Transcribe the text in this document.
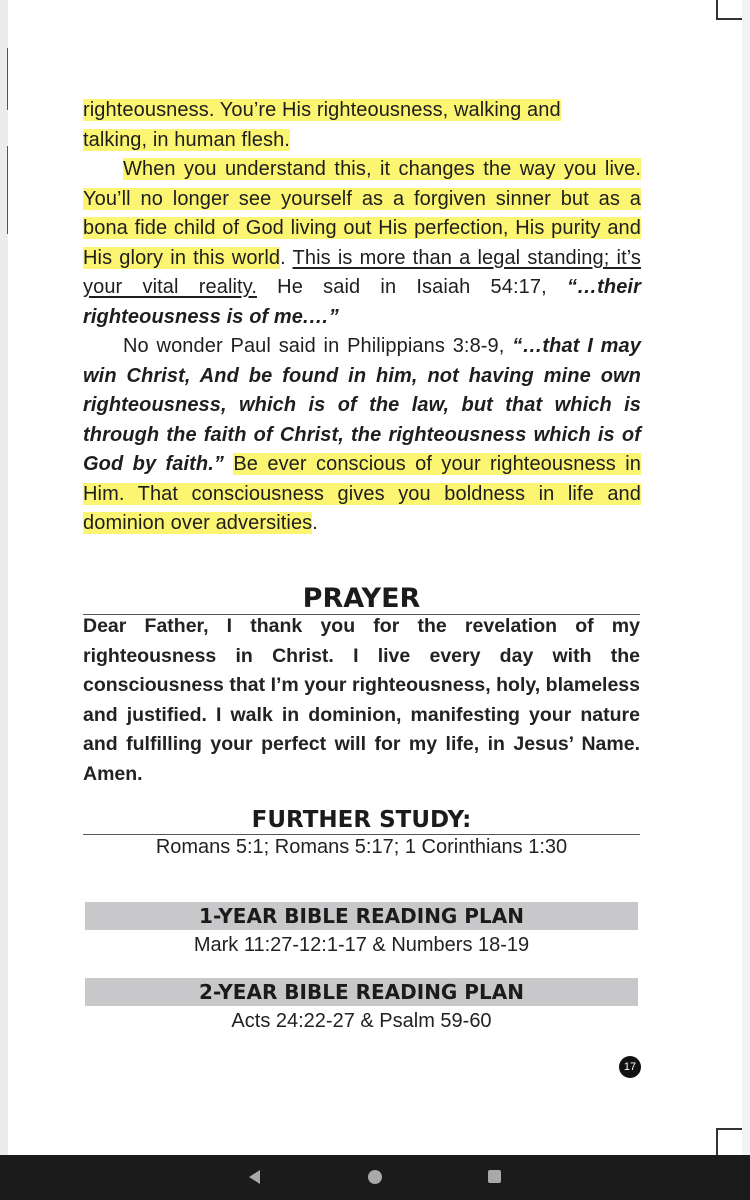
righteousness. You’re His righteousness, walking and
talking, in human flesh.

When you understand this, it changes the way you live. You’ll no longer see yourself as a forgiven sinner but as a bona fide child of God living out His perfection, His purity and His glory in this world. This is more than a legal standing; it’s your vital reality. He said in Isaiah 54:17, “…their righteousness is of me.…”

No wonder Paul said in Philippians 3:8-9, “…that I may win Christ, And be found in him, not having mine own righteousness, which is of the law, but that which is through the faith of Christ, the righteousness which is of God by faith.” Be ever conscious of your righteousness in Him. That consciousness gives you boldness in life and dominion over adversities.

PRAYER
Dear Father, I thank you for the revelation of my righteousness in Christ. I live every day with the consciousness that I’m your righteousness, holy, blameless and justified. I walk in dominion, manifesting your nature and fulfilling your perfect will for my life, in Jesus’ Name. Amen.
FURTHER STUDY:
Romans 5:1; Romans 5:17; 1 Corinthians 1:30
1-YEAR BIBLE READING PLAN
Mark 11:27-12:1-17 & Numbers 18-19
2-YEAR BIBLE READING PLAN
Acts 24:22-27 & Psalm 59-60
17
